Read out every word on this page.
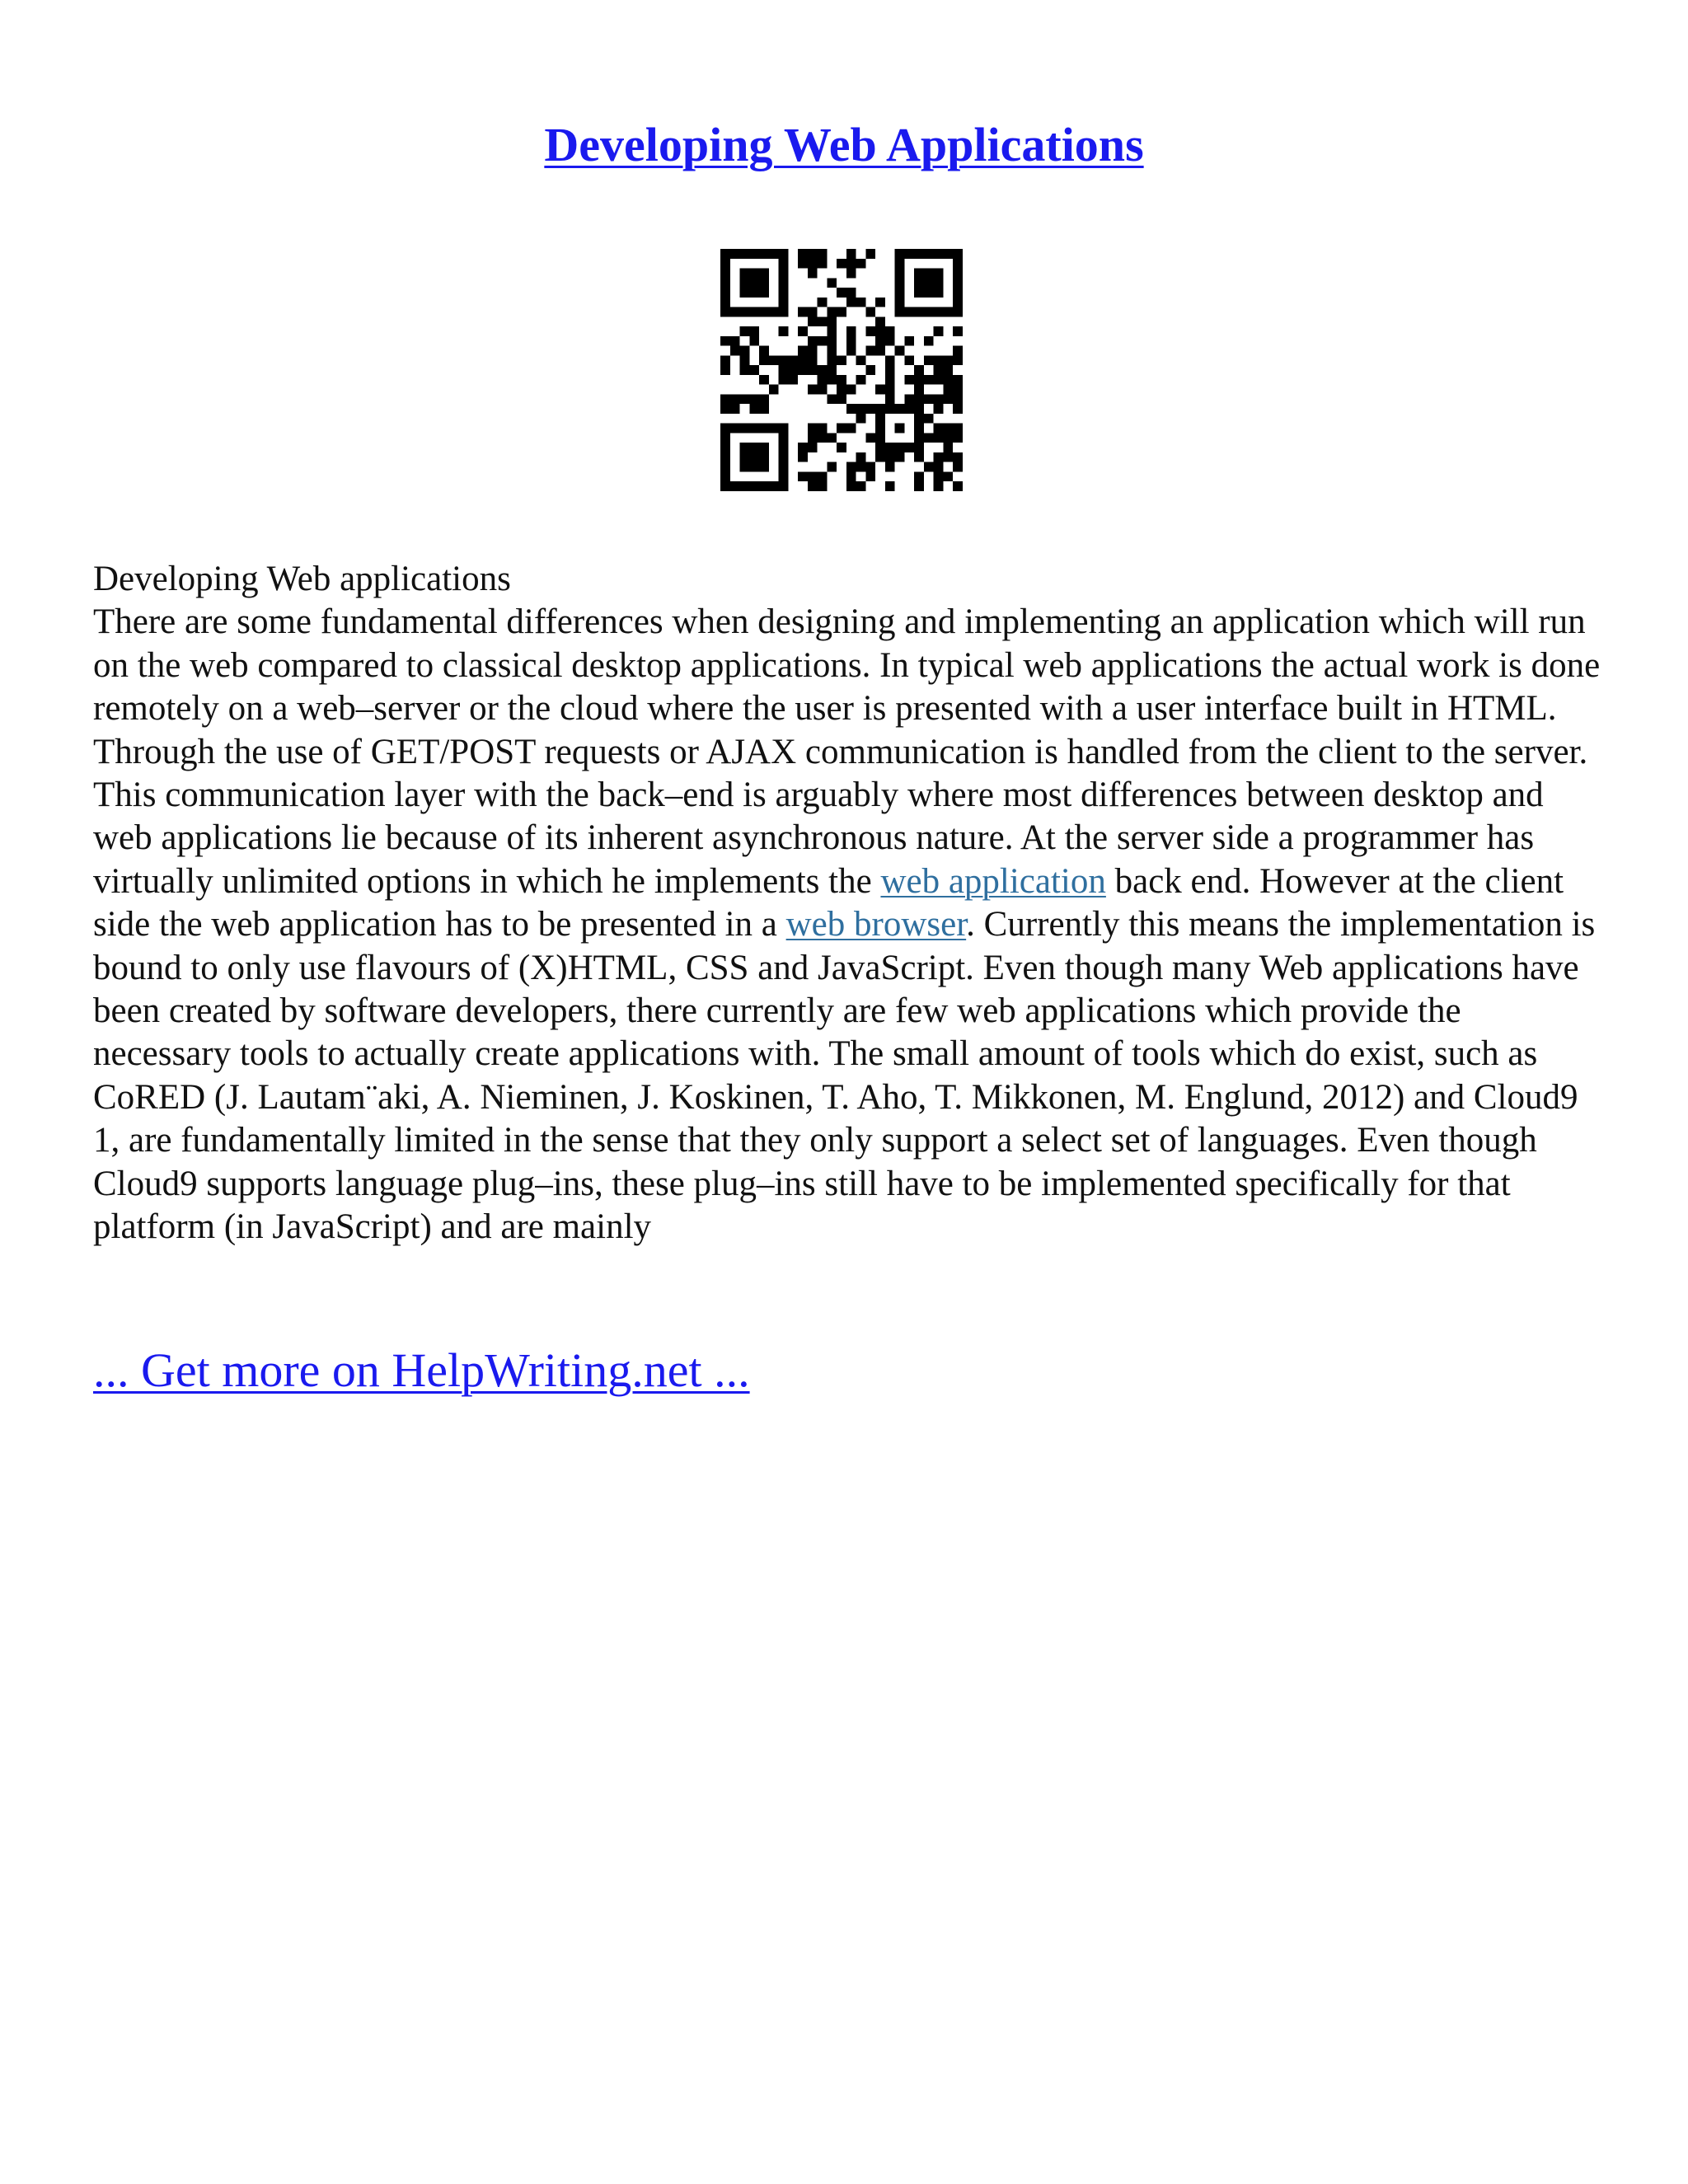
Developing Web Applications

Developing Web applications

There are some fundamental differences when designing and implementing an application which will run on the web compared to classical desktop applications. In typical web applications the actual work is done remotely on a web–server or the cloud where the user is presented with a user interface built in HTML. Through the use of GET/POST requests or AJAX communication is handled from the client to the server. This communication layer with the back–end is arguably where most differences between desktop and web applications lie because of its inherent asynchronous nature. At the server side a programmer has virtually unlimited options in which he implements the web application back end. However at the client side the web application has to be presented in a web browser. Currently this means the implementation is bound to only use flavours of (X)HTML, CSS and JavaScript. Even though many Web applications have been created by software developers, there currently are few web applications which provide the necessary tools to actually create applications with. The small amount of tools which do exist, such as CoRED (J. Lautam¨aki, A. Nieminen, J. Koskinen, T. Aho, T. Mikkonen, M. Englund, 2012) and Cloud9 1, are fundamentally limited in the sense that they only support a select set of languages. Even though Cloud9 supports language plug–ins, these plug–ins still have to be implemented specifically for that platform (in JavaScript) and are mainly

... Get more on HelpWriting.net ...
